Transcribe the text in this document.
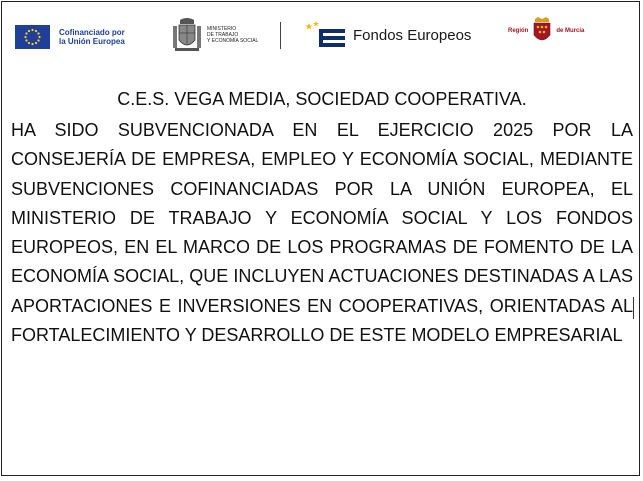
Cofinanciado por
la Unión Europea
MINISTERIO
DE TRABAJO
Y ECONOMÍA SOCIAL	Fondos Europeos	Región	de Murcia

C.E.S. VEGA MEDIA, SOCIEDAD COOPERATIVA.

HA SIDO SUBVENCIONADA EN EL EJERCICIO 2025 POR LA CONSEJERÍA DE EMPRESA, EMPLEO Y ECONOMÍA SOCIAL, MEDIANTE SUBVENCIONES COFINANCIADAS POR LA UNIÓN EUROPEA, EL MINISTERIO DE TRABAJO Y ECONOMÍA SOCIAL Y LOS FONDOS EUROPEOS, EN EL MARCO DE LOS PROGRAMAS DE FOMENTO DE LA ECONOMÍA SOCIAL, QUE INCLUYEN ACTUACIONES DESTINADAS A LAS APORTACIONES E INVERSIONES EN COOPERATIVAS, ORIENTADAS AL FORTALECIMIENTO Y DESARROLLO DE ESTE MODELO EMPRESARIAL
